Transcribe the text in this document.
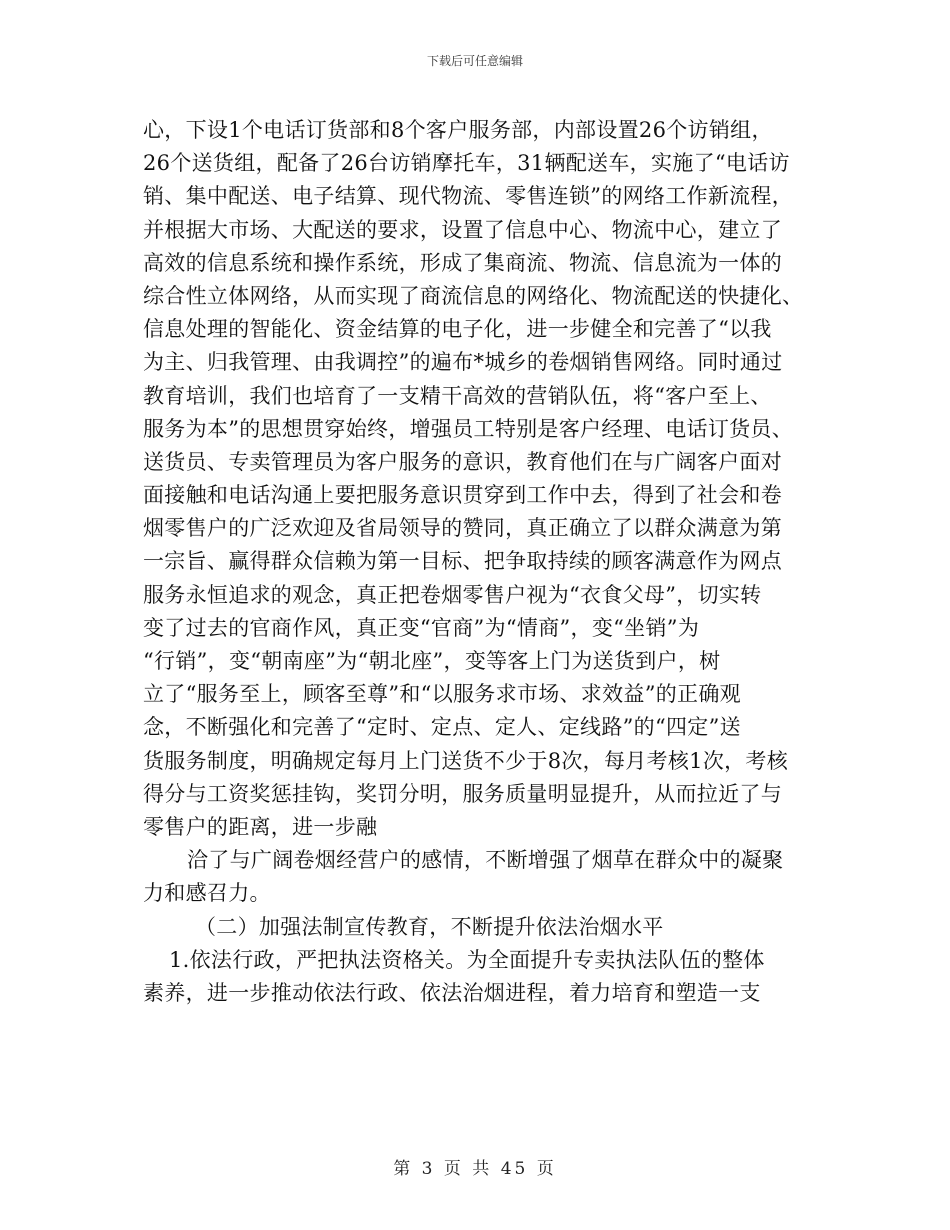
下载后可任意编辑
心，下设1个电话订货部和8个客户服务部，内部设置26个访销组，
26个送货组，配备了26台访销摩托车，31辆配送车，实施了“电话访
销、集中配送、电子结算、现代物流、零售连锁”的网络工作新流程，
并根据大市场、大配送的要求，设置了信息中心、物流中心，建立了
高效的信息系统和操作系统，形成了集商流、物流、信息流为一体的
综合性立体网络，从而实现了商流信息的网络化、物流配送的快捷化、
信息处理的智能化、资金结算的电子化，进一步健全和完善了“以我
为主、归我管理、由我调控”的遍布*城乡的卷烟销售网络。同时通过
教育培训，我们也培育了一支精干高效的营销队伍，将“客户至上、
服务为本”的思想贯穿始终，增强员工特别是客户经理、电话订货员、
送货员、专卖管理员为客户服务的意识，教育他们在与广阔客户面对
面接触和电话沟通上要把服务意识贯穿到工作中去，得到了社会和卷
烟零售户的广泛欢迎及省局领导的赞同，真正确立了以群众满意为第
一宗旨、赢得群众信赖为第一目标、把争取持续的顾客满意作为网点
服务永恒追求的观念，真正把卷烟零售户视为“衣食父母”，切实转
变了过去的官商作风，真正变“官商”为“情商”，变“坐销”为
“行销”，变“朝南座”为“朝北座”，变等客上门为送货到户，树
立了“服务至上，顾客至尊”和“以服务求市场、求效益”的正确观
念，不断强化和完善了“定时、定点、定人、定线路”的“四定”送
货服务制度，明确规定每月上门送货不少于8次，每月考核1次，考核
得分与工资奖惩挂钩，奖罚分明，服务质量明显提升，从而拉近了与
零售户的距离，进一步融
洽了与广阔卷烟经营户的感情，不断增强了烟草在群众中的凝聚
力和感召力。
（二）加强法制宣传教育，不断提升依法治烟水平
1.依法行政，严把执法资格关。为全面提升专卖执法队伍的整体
素养，进一步推动依法行政、依法治烟进程，着力培育和塑造一支
第 3 页 共 45 页
